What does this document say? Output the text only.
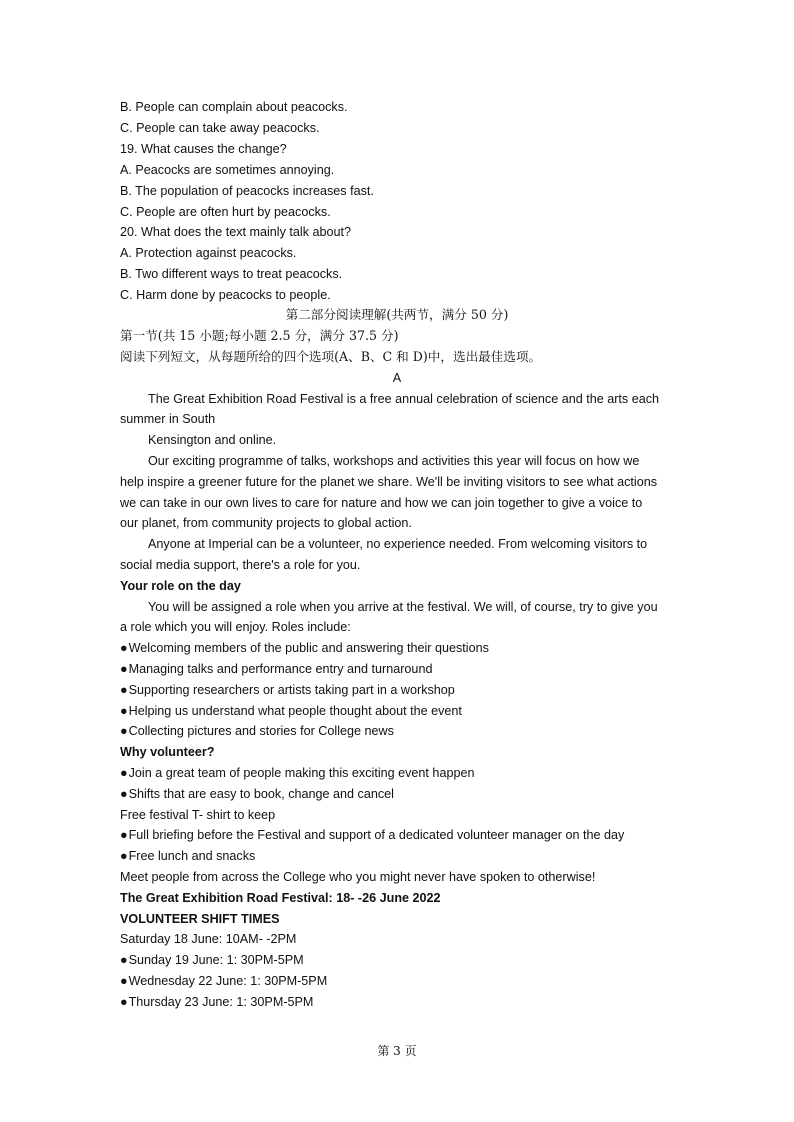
B. People can complain about peacocks.
C. People can take away peacocks.
19. What causes the change?
A. Peacocks are sometimes annoying.
B. The population of peacocks increases fast.
C. People are often hurt by peacocks.
20. What does the text mainly talk about?
A. Protection against peacocks.
B. Two different ways to treat peacocks.
C. Harm done by peacocks to people.
第二部分阅读理解(共两节，满分 50 分)
第一节(共 15 小题;每小题 2.5 分，满分 37.5 分)
阅读下列短文，从每题所给的四个选项(A、B、C 和 D)中，选出最佳选项。
A
The Great Exhibition Road Festival is a free annual celebration of science and the arts each
summer in South
Kensington and online.
Our exciting programme of talks, workshops and activities this year will focus on how we
help inspire a greener future for the planet we share. We'll be inviting visitors to see what actions
we can take in our own lives to care for nature and how we can join together to give a voice to
our planet, from community projects to global action.
Anyone at Imperial can be a volunteer, no experience needed. From welcoming visitors to
social media support, there's a role for you.
Your role on the day
You will be assigned a role when you arrive at the festival. We will, of course, try to give you
a role which you will enjoy. Roles include:
● Welcoming members of the public and answering their questions
● Managing talks and performance entry and turnaround
● Supporting researchers or artists taking part in a workshop
● Helping us understand what people thought about the event
● Collecting pictures and stories for College news
Why volunteer?
● Join a great team of people making this exciting event happen
● Shifts that are easy to book, change and cancel
Free festival T- shirt to keep
● Full briefing before the Festival and support of a dedicated volunteer manager on the day
● Free lunch and snacks
Meet people from across the College who you might never have spoken to otherwise!
The Great Exhibition Road Festival: 18- -26 June 2022
VOLUNTEER SHIFT TIMES
Saturday 18 June: 10AM- -2PM
● Sunday 19 June: 1: 30PM-5PM
● Wednesday 22 June: 1: 30PM-5PM
● Thursday 23 June: 1: 30PM-5PM
第 3 页
